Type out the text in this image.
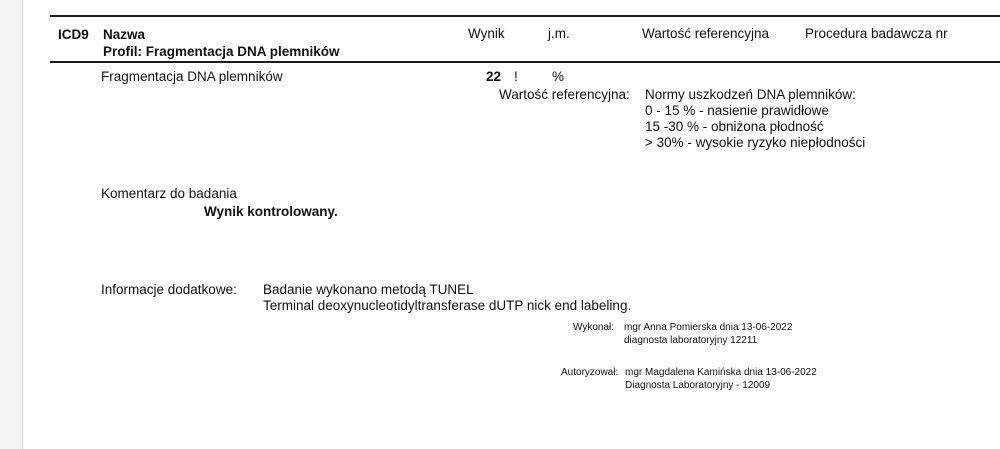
ICD9 Nazwa
Profil: Fragmentacja DNA plemników
Wynik	j.m.	Wartość referencyjna	Procedura badawcza nr
Fragmentacja DNA plemników	22 !	%
Wartość referencyjna: Normy uszkodzeń DNA plemników:
0 - 15 % - nasienie prawidłowe
15 -30 % - obniżona płodność
> 30% - wysokie ryzyko niepłodności
Komentarz do badania
Wynik kontrolowany.
Informacje dodatkowe: Badanie wykonano metodą TUNEL
Terminal deoxynucleotidyltransferase dUTP nick end labeling.
Wykonał: mgr Anna Pomierska dnia 13-06-2022
diagnosta laboratoryjny 12211
Autoryzował: mgr Magdalena Kamińska dnia 13-06-2022
Diagnosta Laboratoryjny - 12009
